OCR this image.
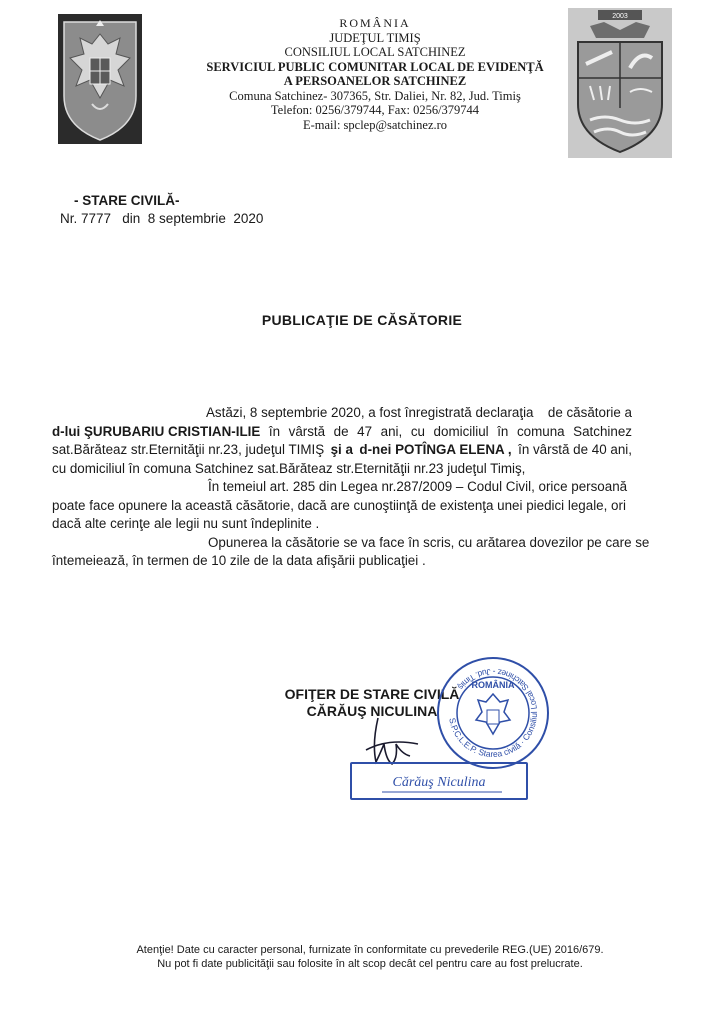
2003
ROMÂNIA
JUDEŢUL TIMIŞ
CONSILIUL LOCAL SATCHINEZ
SERVICIUL PUBLIC COMUNITAR LOCAL DE EVIDENŢĂ
A PERSOANELOR SATCHINEZ
Comuna Satchinez- 307365, Str. Daliei, Nr. 82, Jud. Timiş
Telefon: 0256/379744, Fax: 0256/379744
E-mail: spclep@satchinez.ro
- STARE CIVILĂ-
Nr. 7777   din  8 septembrie  2020
PUBLICAŢIE DE CĂSĂTORIE
Astăzi, 8 septembrie 2020, a fost înregistrată declaraţia de căsătorie a
d-lui ŞURUBARIU CRISTIAN-ILIE în vârstă de 47 ani, cu domiciliul în comuna Satchinez
sat.Bărăteaz str.Eternităţii nr.23, judeţul TIMIŞ şi a d-nei POTÎNGA ELENA , în vârstă de 40 ani,
cu domiciliul în comuna Satchinez sat.Bărăteaz str.Eternităţii nr.23 judeţul Timiş,
În temeiul art. 285 din Legea nr.287/2009 – Codul Civil, orice persoană
poate face opunere la această căsătorie, dacă are cunoştiinţă de existenţa unei piedici legale, ori
dacă alte cerinţe ale legii nu sunt îndeplinite .
Opunerea la căsătorie se va face în scris, cu arătarea dovezilor pe care se
întemeiează, în termen de 10 zile de la data afişării publicaţiei .
OFIŢER DE STARE CIVILĂ
CĂRĂUŞ NICULINA
S.P.C.L.E.P. Starea civilă · Consiliul Local Satchinez - Jud. Timiş ROMÂNIA
Cărăuş Niculina
Atenţie! Date cu caracter personal, furnizate în conformitate cu prevederile REG.(UE) 2016/679.
Nu pot fi date publicităţii sau folosite în alt scop decât cel pentru care au fost prelucrate.
